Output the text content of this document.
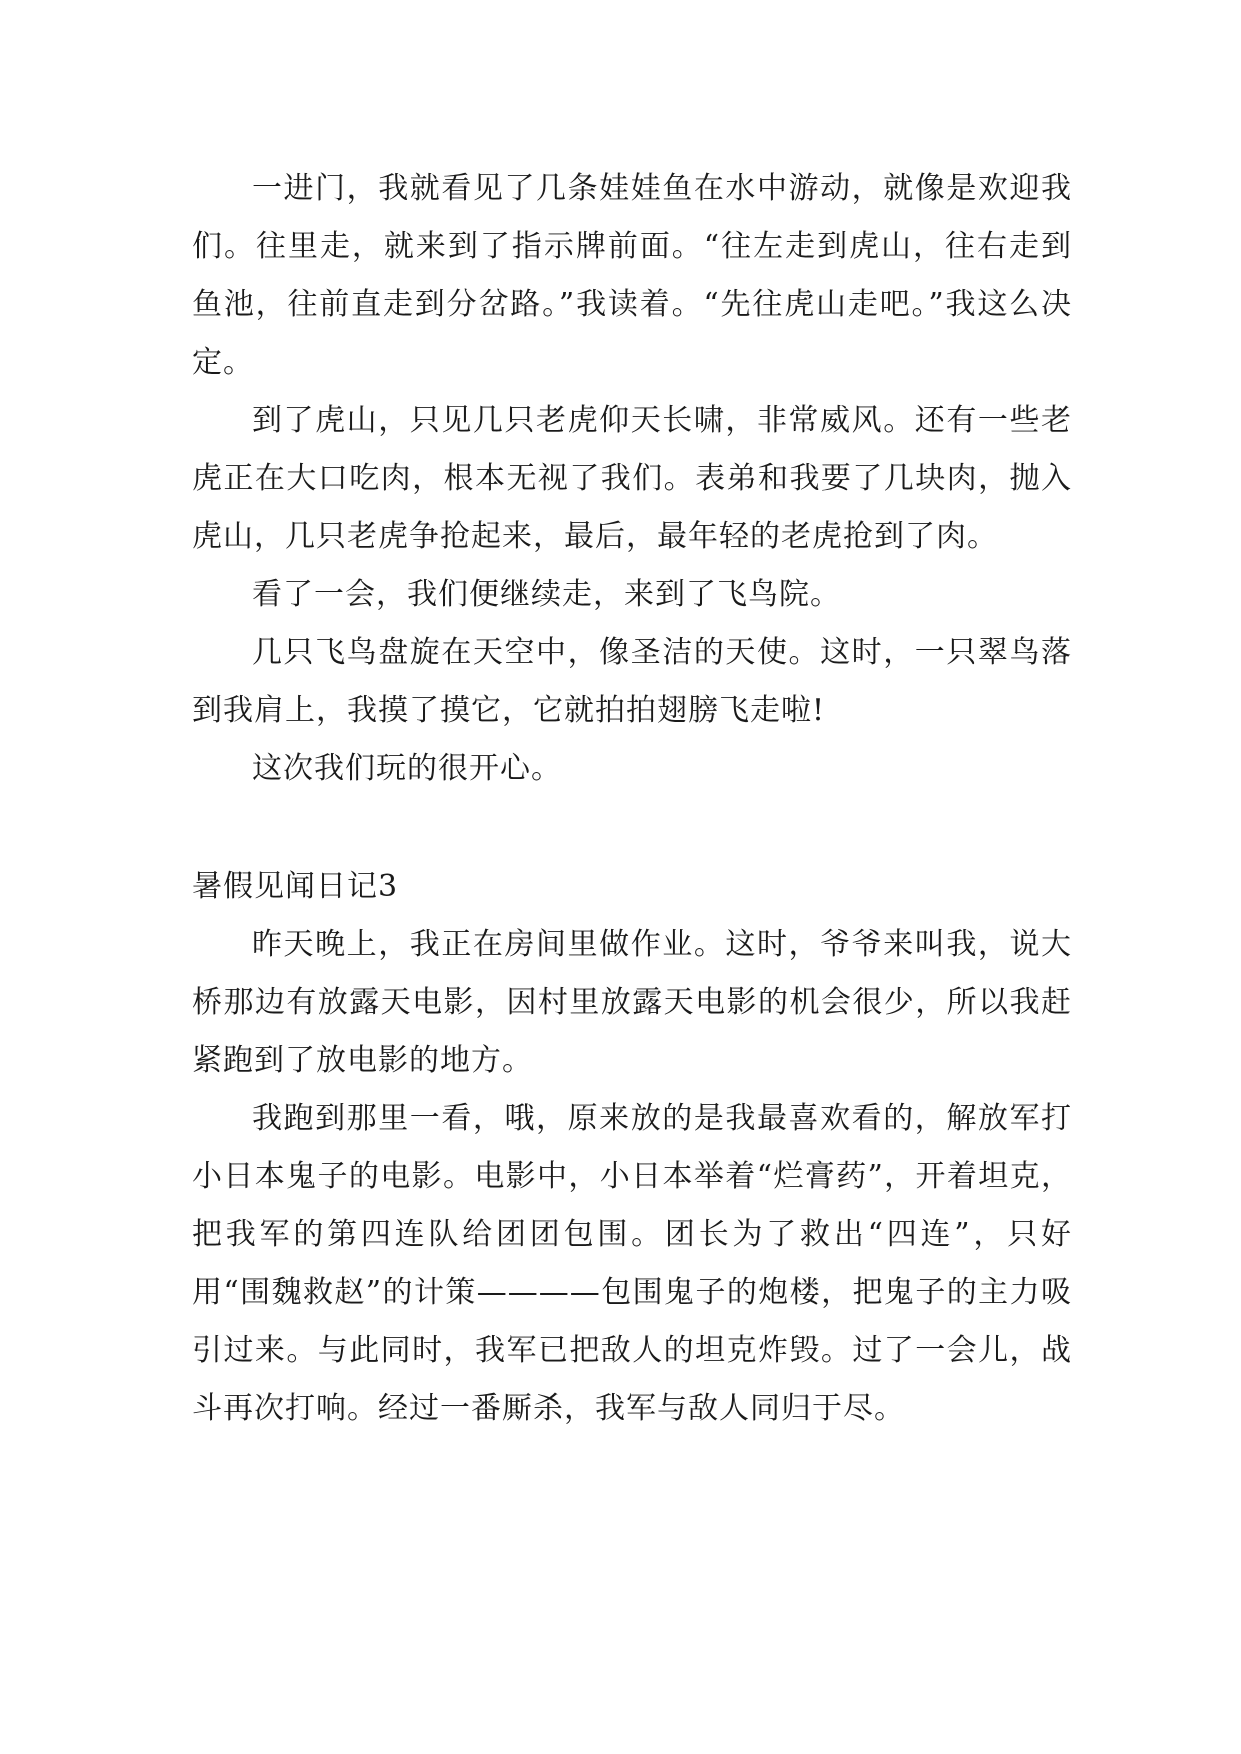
一进门，我就看见了几条娃娃鱼在水中游动，就像是欢迎我们。往里走，就来到了指示牌前面。“往左走到虎山，往右走到鱼池，往前直走到分岔路。”我读着。“先往虎山走吧。”我这么决定。

到了虎山，只见几只老虎仰天长啸，非常威风。还有一些老虎正在大口吃肉，根本无视了我们。表弟和我要了几块肉，抛入虎山，几只老虎争抢起来，最后，最年轻的老虎抢到了肉。

看了一会，我们便继续走，来到了飞鸟院。

几只飞鸟盘旋在天空中，像圣洁的天使。这时，一只翠鸟落到我肩上，我摸了摸它，它就拍拍翅膀飞走啦!

这次我们玩的很开心。

暑假见闻日记3

昨天晚上，我正在房间里做作业。这时，爷爷来叫我，说大桥那边有放露天电影，因村里放露天电影的机会很少，所以我赶紧跑到了放电影的地方。

我跑到那里一看，哦，原来放的是我最喜欢看的，解放军打小日本鬼子的电影。电影中，小日本举着“烂膏药”，开着坦克，把我军的第四连队给团团包围。团长为了救出“四连”，只好用“围魏救赵”的计策————包围鬼子的炮楼，把鬼子的主力吸引过来。与此同时，我军已把敌人的坦克炸毁。过了一会儿，战斗再次打响。经过一番厮杀，我军与敌人同归于尽。
